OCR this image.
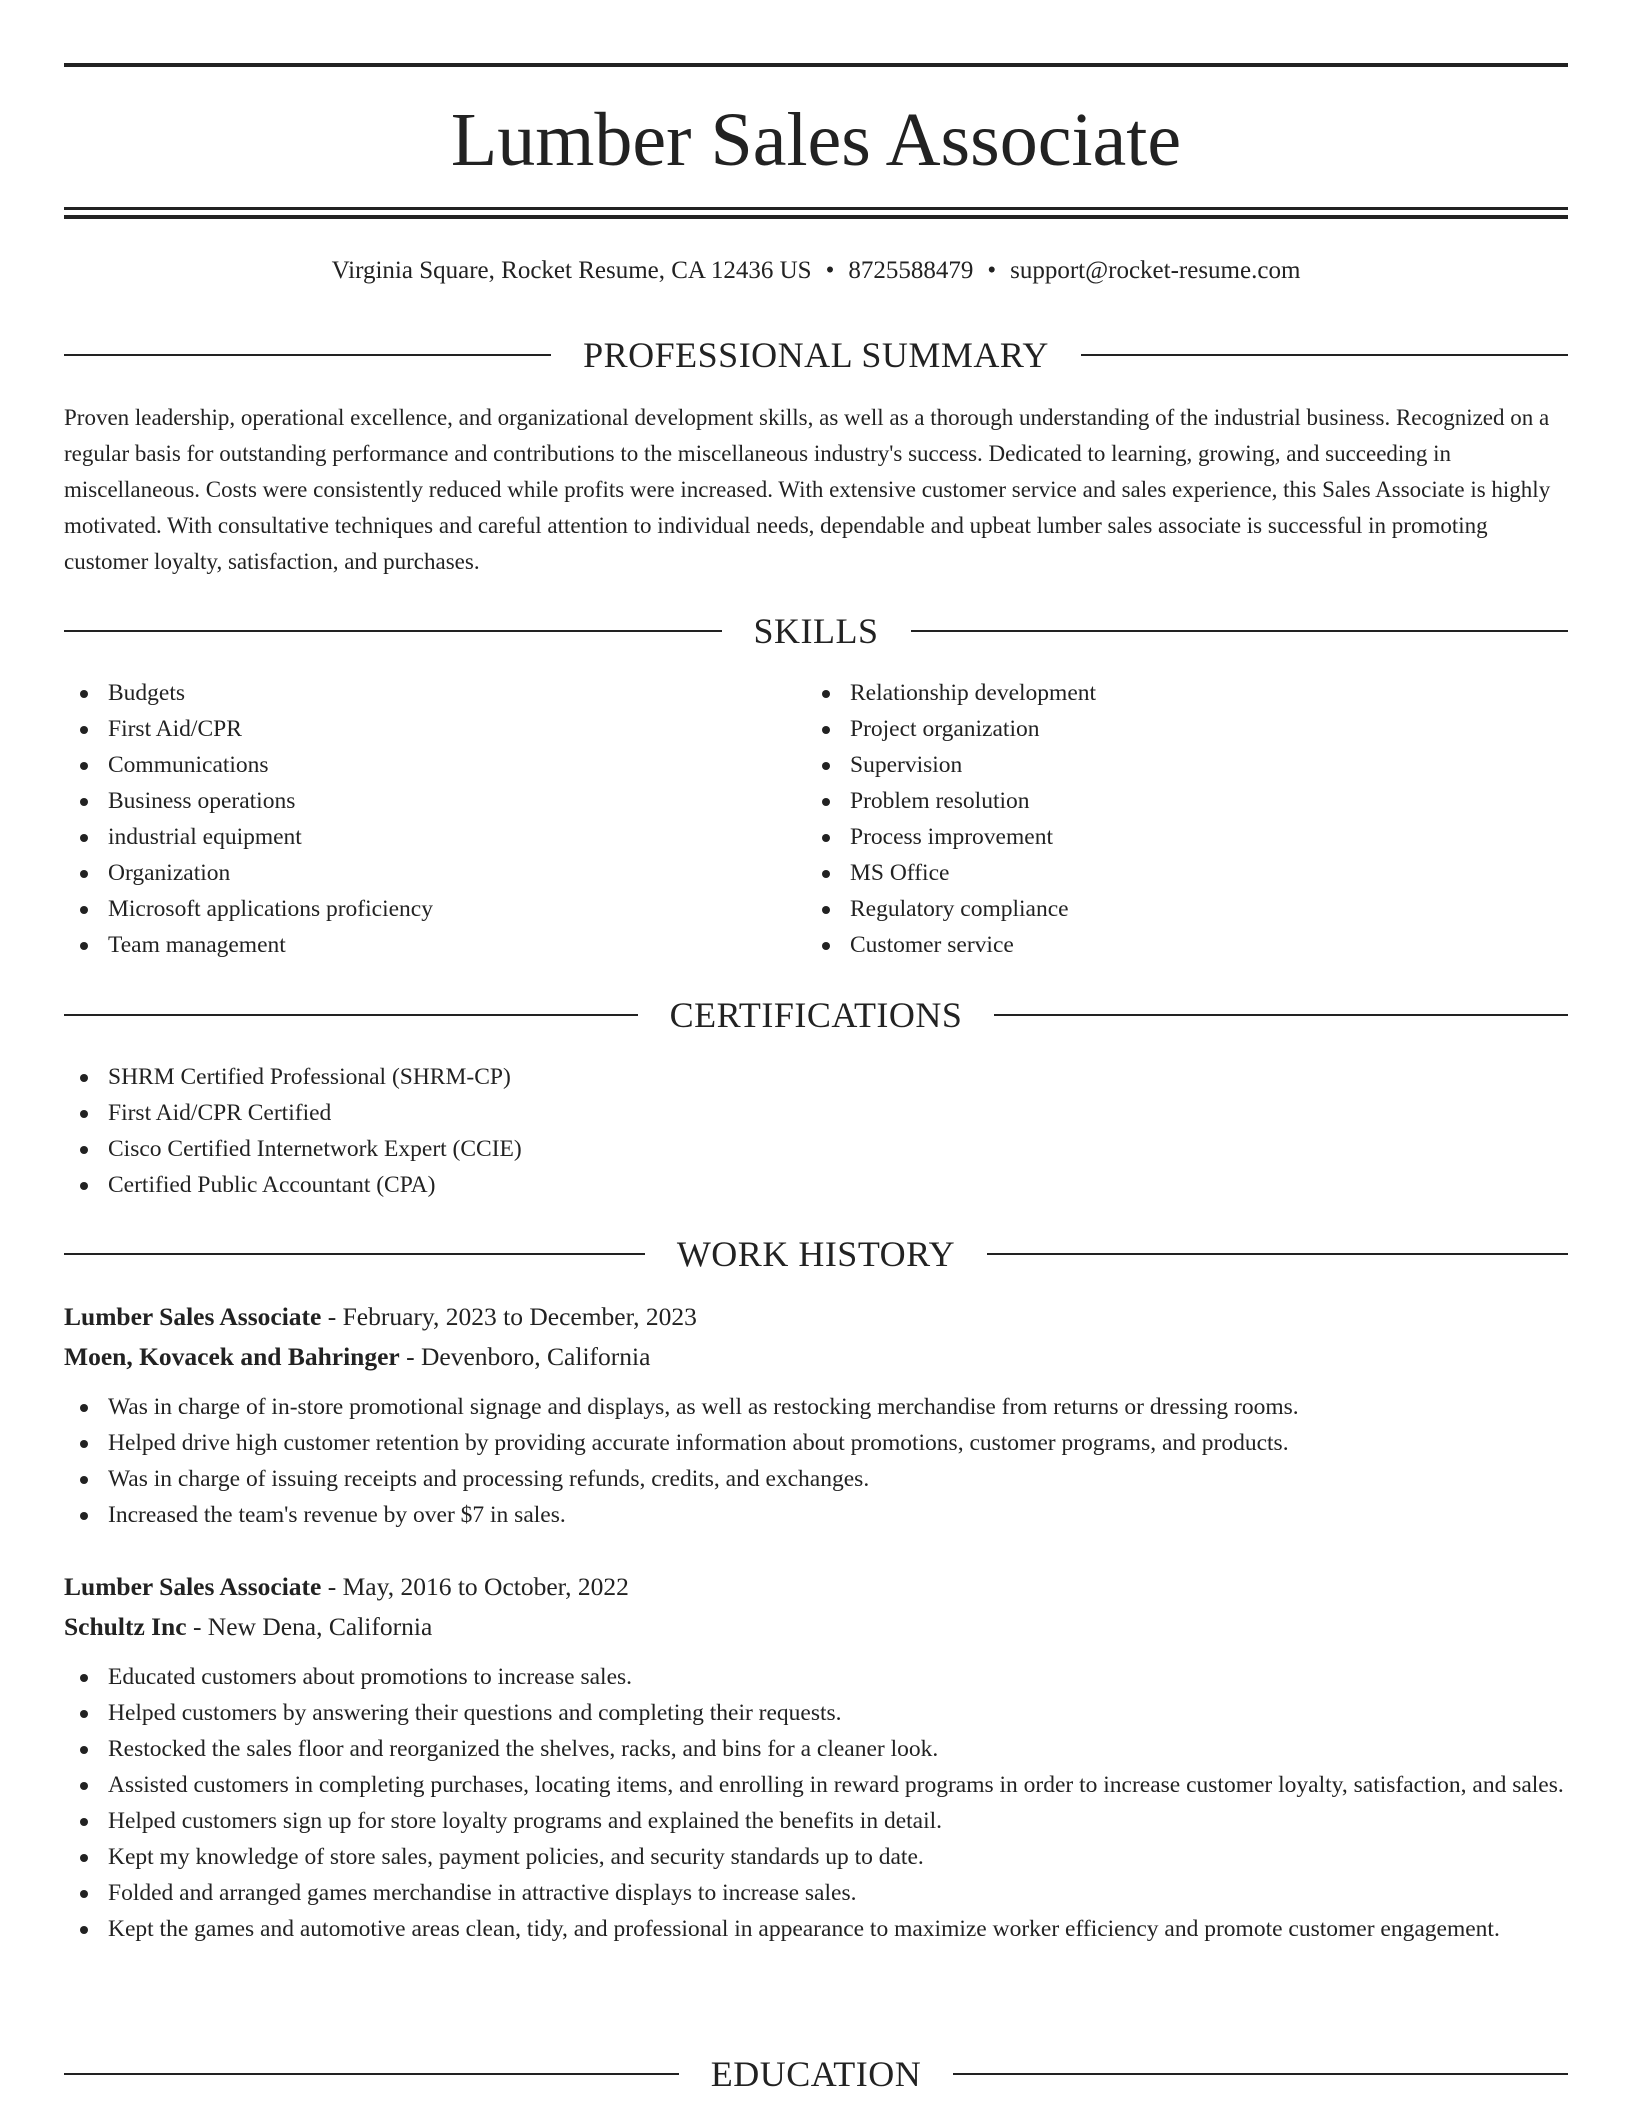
Lumber Sales Associate
Virginia Square, Rocket Resume, CA 12436 US • 8725588479 • support@rocket-resume.com
PROFESSIONAL SUMMARY

Proven leadership, operational excellence, and organizational development skills, as well as a thorough understanding of the industrial business. Recognized on a regular basis for outstanding performance and contributions to the miscellaneous industry's success. Dedicated to learning, growing, and succeeding in miscellaneous. Costs were consistently reduced while profits were increased. With extensive customer service and sales experience, this Sales Associate is highly motivated. With consultative techniques and careful attention to individual needs, dependable and upbeat lumber sales associate is successful in promoting customer loyalty, satisfaction, and purchases.

SKILLS
Budgets
First Aid/CPR
Communications
Business operations
industrial equipment
Organization
Microsoft applications proficiency
Team management
Relationship development
Project organization
Supervision
Problem resolution
Process improvement
MS Office
Regulatory compliance
Customer service
CERTIFICATIONS
SHRM Certified Professional (SHRM-CP)
First Aid/CPR Certified
Cisco Certified Internetwork Expert (CCIE)
Certified Public Accountant (CPA)
WORK HISTORY
Lumber Sales Associate - February, 2023 to December, 2023
Moen, Kovacek and Bahringer - Devenboro, California
Was in charge of in-store promotional signage and displays, as well as restocking merchandise from returns or dressing rooms.
Helped drive high customer retention by providing accurate information about promotions, customer programs, and products.
Was in charge of issuing receipts and processing refunds, credits, and exchanges.
Increased the team's revenue by over $7 in sales.
Lumber Sales Associate - May, 2016 to October, 2022
Schultz Inc - New Dena, California
Educated customers about promotions to increase sales.
Helped customers by answering their questions and completing their requests.
Restocked the sales floor and reorganized the shelves, racks, and bins for a cleaner look.
Assisted customers in completing purchases, locating items, and enrolling in reward programs in order to increase customer loyalty, satisfaction, and sales.
Helped customers sign up for store loyalty programs and explained the benefits in detail.
Kept my knowledge of store sales, payment policies, and security standards up to date.
Folded and arranged games merchandise in attractive displays to increase sales.
Kept the games and automotive areas clean, tidy, and professional in appearance to maximize worker efficiency and promote customer engagement.
EDUCATION
